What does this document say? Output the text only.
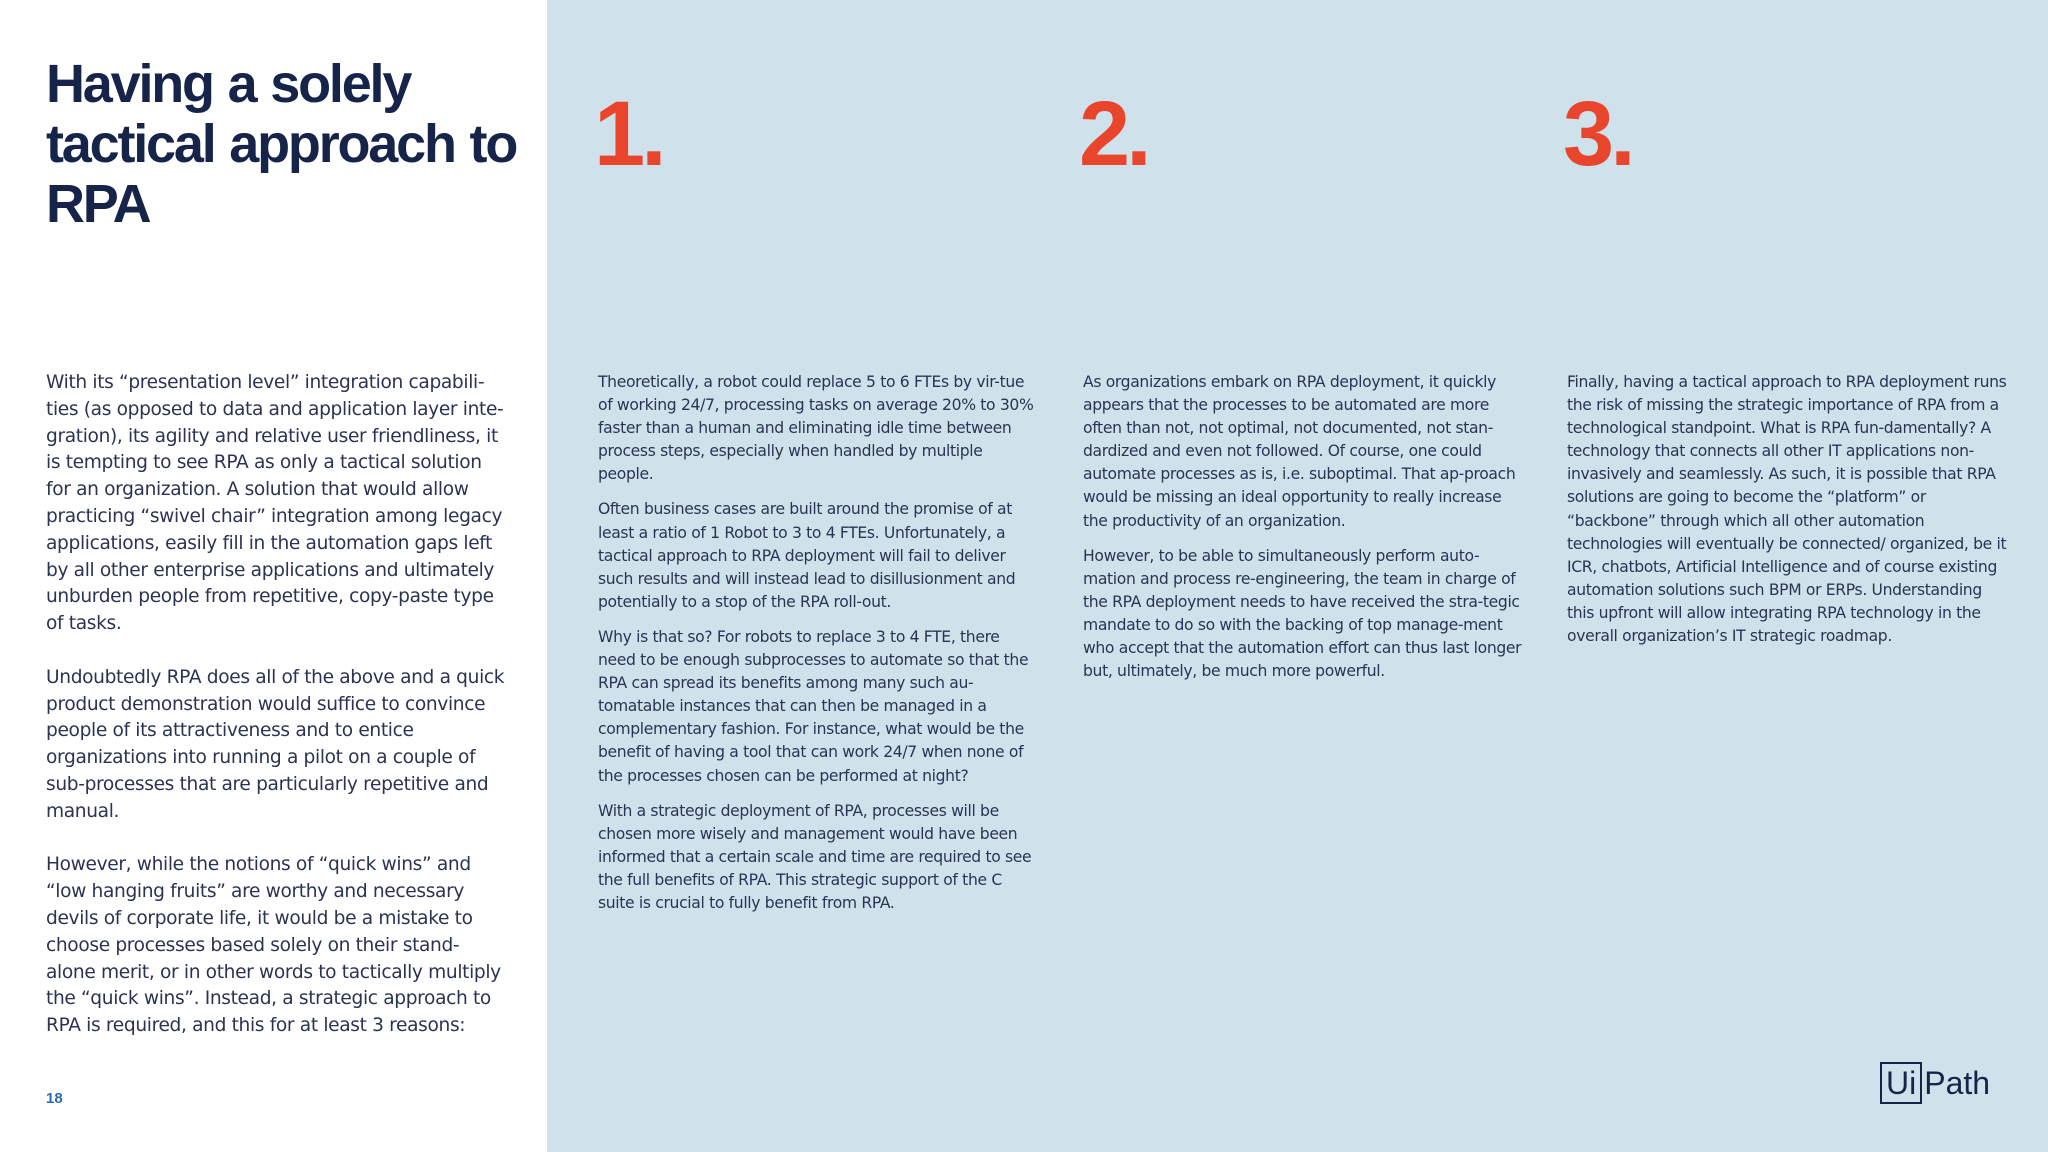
Having a solely tactical approach to RPA

With its “presentation level” integration capabili-ties (as opposed to data and application layer inte-gration), its agility and relative user friendliness, it is tempting to see RPA as only a tactical solution for an organization. A solution that would allow practicing “swivel chair” integration among legacy applications, easily fill in the automation gaps left by all other enterprise applications and ultimately unburden people from repetitive, copy-paste type of tasks.

Undoubtedly RPA does all of the above and a quick product demonstration would suffice to convince people of its attractiveness and to entice organizations into running a pilot on a couple of sub-processes that are particularly repetitive and manual.

However, while the notions of “quick wins” and “low hanging fruits” are worthy and necessary devils of corporate life, it would be a mistake to choose processes based solely on their stand-alone merit, or in other words to tactically multiply the “quick wins”. Instead, a strategic approach to RPA is required, and this for at least 3 reasons:

1.

Theoretically, a robot could replace 5 to 6 FTEs by vir-tue of working 24/7, processing tasks on average 20% to 30% faster than a human and eliminating idle time between process steps, especially when handled by multiple people.

Often business cases are built around the promise of at least a ratio of 1 Robot to 3 to 4 FTEs. Unfortunately, a tactical approach to RPA deployment will fail to deliver such results and will instead lead to disillusionment and potentially to a stop of the RPA roll-out.

Why is that so? For robots to replace 3 to 4 FTE, there need to be enough subprocesses to automate so that the RPA can spread its benefits among many such au-tomatable instances that can then be managed in a complementary fashion. For instance, what would be the benefit of having a tool that can work 24/7 when none of the processes chosen can be performed at night?

With a strategic deployment of RPA, processes will be chosen more wisely and management would have been informed that a certain scale and time are required to see the full benefits of RPA. This strategic support of the C suite is crucial to fully benefit from RPA.

2.

As organizations embark on RPA deployment, it quickly appears that the processes to be automated are more often than not, not optimal, not documented, not stan-dardized and even not followed. Of course, one could automate processes as is, i.e. suboptimal. That ap-proach would be missing an ideal opportunity to really increase the productivity of an organization.

However, to be able to simultaneously perform auto-mation and process re-engineering, the team in charge of the RPA deployment needs to have received the stra-tegic mandate to do so with the backing of top manage-ment who accept that the automation effort can thus last longer but, ultimately, be much more powerful.

3.

Finally, having a tactical approach to RPA deployment runs the risk of missing the strategic importance of RPA from a technological standpoint. What is RPA fun-damentally? A technology that connects all other IT applications non-invasively and seamlessly. As such, it is possible that RPA solutions are going to become the “platform” or “backbone” through which all other automation technologies will eventually be connected/ organized, be it ICR, chatbots, Artificial Intelligence and of course existing automation solutions such BPM or ERPs. Understanding this upfront will allow integrating RPA technology in the overall organization’s IT strategic roadmap.

18	Ui Path
